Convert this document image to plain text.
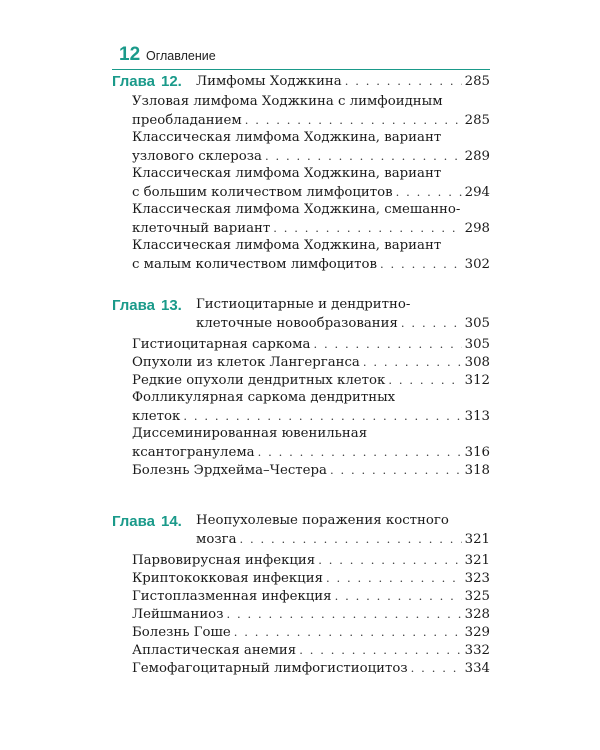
12 Оглавление
Глава 12. Лимфомы Ходжкина . . .	285
Узловая лимфома Ходжкина с лимфоидным
преобладанием . . .	285
Классическая лимфома Ходжкина, вариант
узлового склероза . . .	289
Классическая лимфома Ходжкина, вариант
с большим количеством лимфоцитов . . .	294
Классическая лимфома Ходжкина, смешанно-
клеточный вариант . . .	298
Классическая лимфома Ходжкина, вариант
с малым количеством лимфоцитов . . .	302
Глава 13. Гистиоцитарные и дендритно-
клеточные новообразования . . .	305
Гистиоцитарная саркома . . .	305
Опухоли из клеток Лангерганса . . .	308
Редкие опухоли дендритных клеток . . .	312
Фолликулярная саркома дендритных
клеток . . .	313
Диссеминированная ювенильная
ксантогранулема . . .	316
Болезнь Эрдхейма–Честера . . .	318
Глава 14. Неопухолевые поражения костного
мозга . . .	321
Парвовирусная инфекция . . .	321
Криптококковая инфекция . . .	323
Гистоплазменная инфекция . . .	325
Лейшманиоз . . .	328
Болезнь Гоше . . .	329
Апластическая анемия . . .	332
Гемофагоцитарный лимфогистиоцитоз . . .	334
